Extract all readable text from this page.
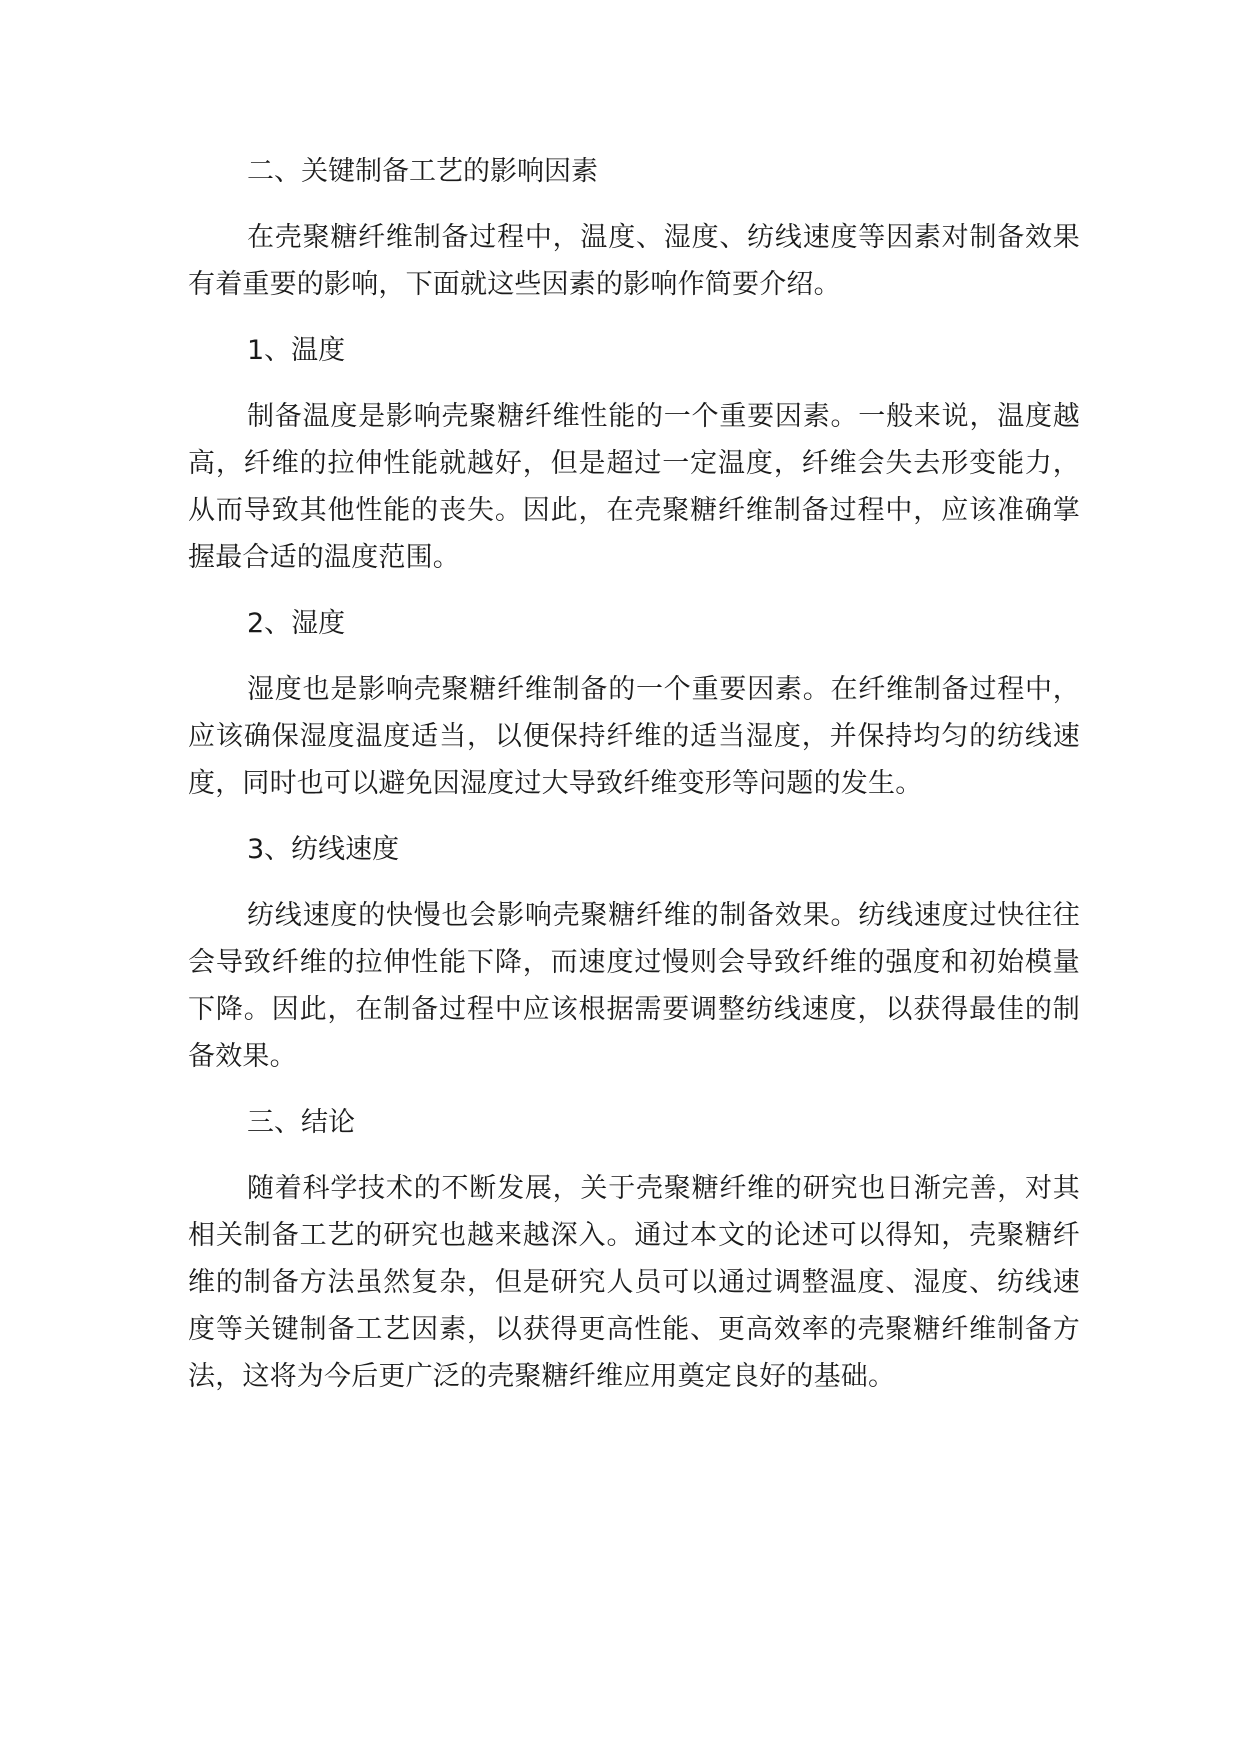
二、关键制备工艺的影响因素

在壳聚糖纤维制备过程中，温度、湿度、纺线速度等因素对制备效果有着重要的影响，下面就这些因素的影响作简要介绍。

1、温度

制备温度是影响壳聚糖纤维性能的一个重要因素。一般来说，温度越高，纤维的拉伸性能就越好，但是超过一定温度，纤维会失去形变能力，从而导致其他性能的丧失。因此，在壳聚糖纤维制备过程中，应该准确掌握最合适的温度范围。

2、湿度

湿度也是影响壳聚糖纤维制备的一个重要因素。在纤维制备过程中，应该确保湿度温度适当，以便保持纤维的适当湿度，并保持均匀的纺线速度，同时也可以避免因湿度过大导致纤维变形等问题的发生。

3、纺线速度

纺线速度的快慢也会影响壳聚糖纤维的制备效果。纺线速度过快往往会导致纤维的拉伸性能下降，而速度过慢则会导致纤维的强度和初始模量下降。因此，在制备过程中应该根据需要调整纺线速度，以获得最佳的制备效果。

三、结论

随着科学技术的不断发展，关于壳聚糖纤维的研究也日渐完善，对其相关制备工艺的研究也越来越深入。通过本文的论述可以得知，壳聚糖纤维的制备方法虽然复杂，但是研究人员可以通过调整温度、湿度、纺线速度等关键制备工艺因素，以获得更高性能、更高效率的壳聚糖纤维制备方法，这将为今后更广泛的壳聚糖纤维应用奠定良好的基础。
